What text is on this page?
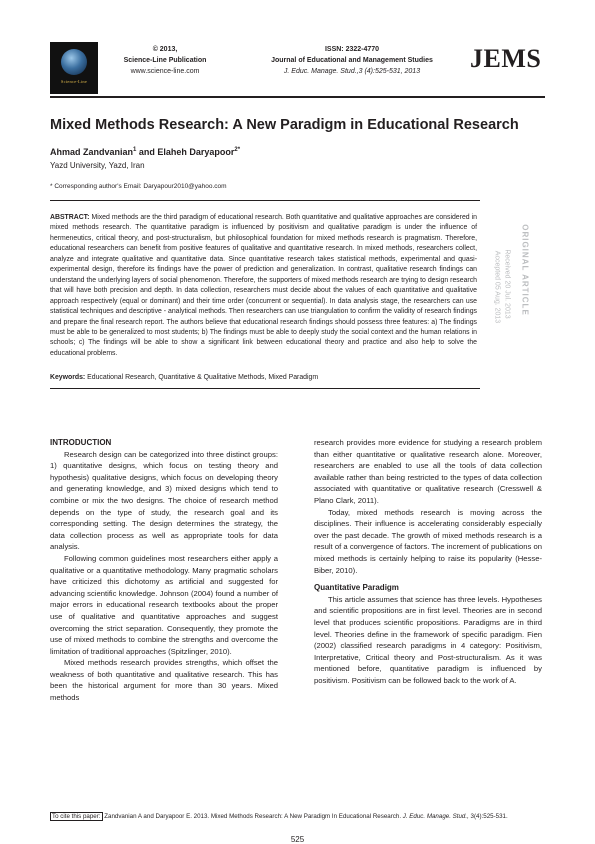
Science-Line
© 2013,
Science-Line Publication
www.science-line.com
ISSN: 2322-4770
Journal of Educational and Management Studies
J. Educ. Manage. Stud.,3 (4):525-531, 2013	JEMS
Mixed Methods Research: A New Paradigm in Educational Research
Ahmad Zandvanian$^1$ and Elaheh Daryapoor$^{2*}$
Yazd University, Yazd, Iran
* Corresponding author's Email: Daryapour2010@yahoo.com
ABSTRACT: Mixed methods are the third paradigm of educational research. Both quantitative and qualitative approaches are considered in mixed methods research. The quantitative paradigm is influenced by positivism and qualitative paradigm is under the influence of hermeneutics, critical theory, and post-structuralism, but philosophical foundation for mixed methods research is pragmatism. Therefore, educational researchers can benefit from positive features of qualitative and quantitative research. In mixed methods, researchers collect, analyze and integrate qualitative and quantitative data. Since quantitative research takes statistical methods, experimental and quasi-experimental design, therefore its findings have the power of prediction and generalization. In contrast, qualitative research findings can understand the underlying layers of social phenomenon. Therefore, the supporters of mixed methods research are trying to design research that will have both precision and depth. In data collection, researchers must decide about the values of each quantitative and qualitative approach respectively (equal or dominant) and their time order (concurrent or sequential). In data analysis stage, the researchers can use statistical techniques and descriptive - analytical methods. Then researchers can use triangulation to confirm the validity of research findings and prepare the final research report. The authors believe that educational research findings should possess three features: a) The findings must be able to be generalized to most students; b) The findings must be able to deeply study the social context and the human relations in schools; c) The findings will be able to show a significant link between educational theory and practice and also help to solve the educational problems.
Keywords: Educational Research, Quantitative & Qualitative Methods, Mixed Paradigm
ORIGINAL ARTICLE
Received 20 Jul. 2013
Accepted 05 Aug. 2013
INTRODUCTION

Research design can be categorized into three distinct groups: 1) quantitative designs, which focus on testing theory and hypothesis) qualitative designs, which focus on developing theory and generating knowledge, and 3) mixed designs which tend to combine or mix the two designs. The choice of research method depends on the type of study, the research goal and its corresponding setting. The design determines the strategy, the data collection process as well as appropriate tools for data analysis.

Following common guidelines most researchers either apply a qualitative or a quantitative methodology. Many pragmatic scholars have criticized this dichotomy as artificial and suggested for advancing scientific knowledge. Johnson (2004) found a number of major errors in educational research textbooks about the proper use of qualitative and quantitative approaches and suggest overcoming the strict separation. Consequently, they promote the use of mixed methods to combine the strengths and overcome the limitation of traditional approaches (Spitzlinger, 2010).

Mixed methods research provides strengths, which offset the weakness of both quantitative and qualitative research. This has been the historical argument for more than 30 years. Mixed methods

research provides more evidence for studying a research problem than either quantitative or qualitative research alone. Moreover, researchers are enabled to use all the tools of data collection available rather than being restricted to the types of data collection associated with quantitative or qualitative research (Cresswell & Plano Clark, 2011).

Today, mixed methods research is moving across the disciplines. Their influence is accelerating considerably especially over the past decade. The growth of mixed methods research is a result of a convergence of factors. The increment of publications on mixed methods is certainly helping to raise its popularity (Hesse- Biber, 2010).

Quantitative Paradigm

This article assumes that science has three levels. Hypotheses and scientific propositions are in first level. Theories are in second level that produces scientific propositions. Paradigms are in third level. Theories define in the framework of specific paradigm. Fien (2002) classified research paradigms in 4 category: Positivism, Interpretative, Critical theory and Post-structuralism. As it was mentioned before, quantitative paradigm is influenced by positivism. Positivism can be followed back to the work of A.

To cite this paper: Zandvanian A and Daryapoor E. 2013. Mixed Methods Research: A New Paradigm In Educational Research. J. Educ. Manage. Stud., 3(4):525-531.
525
